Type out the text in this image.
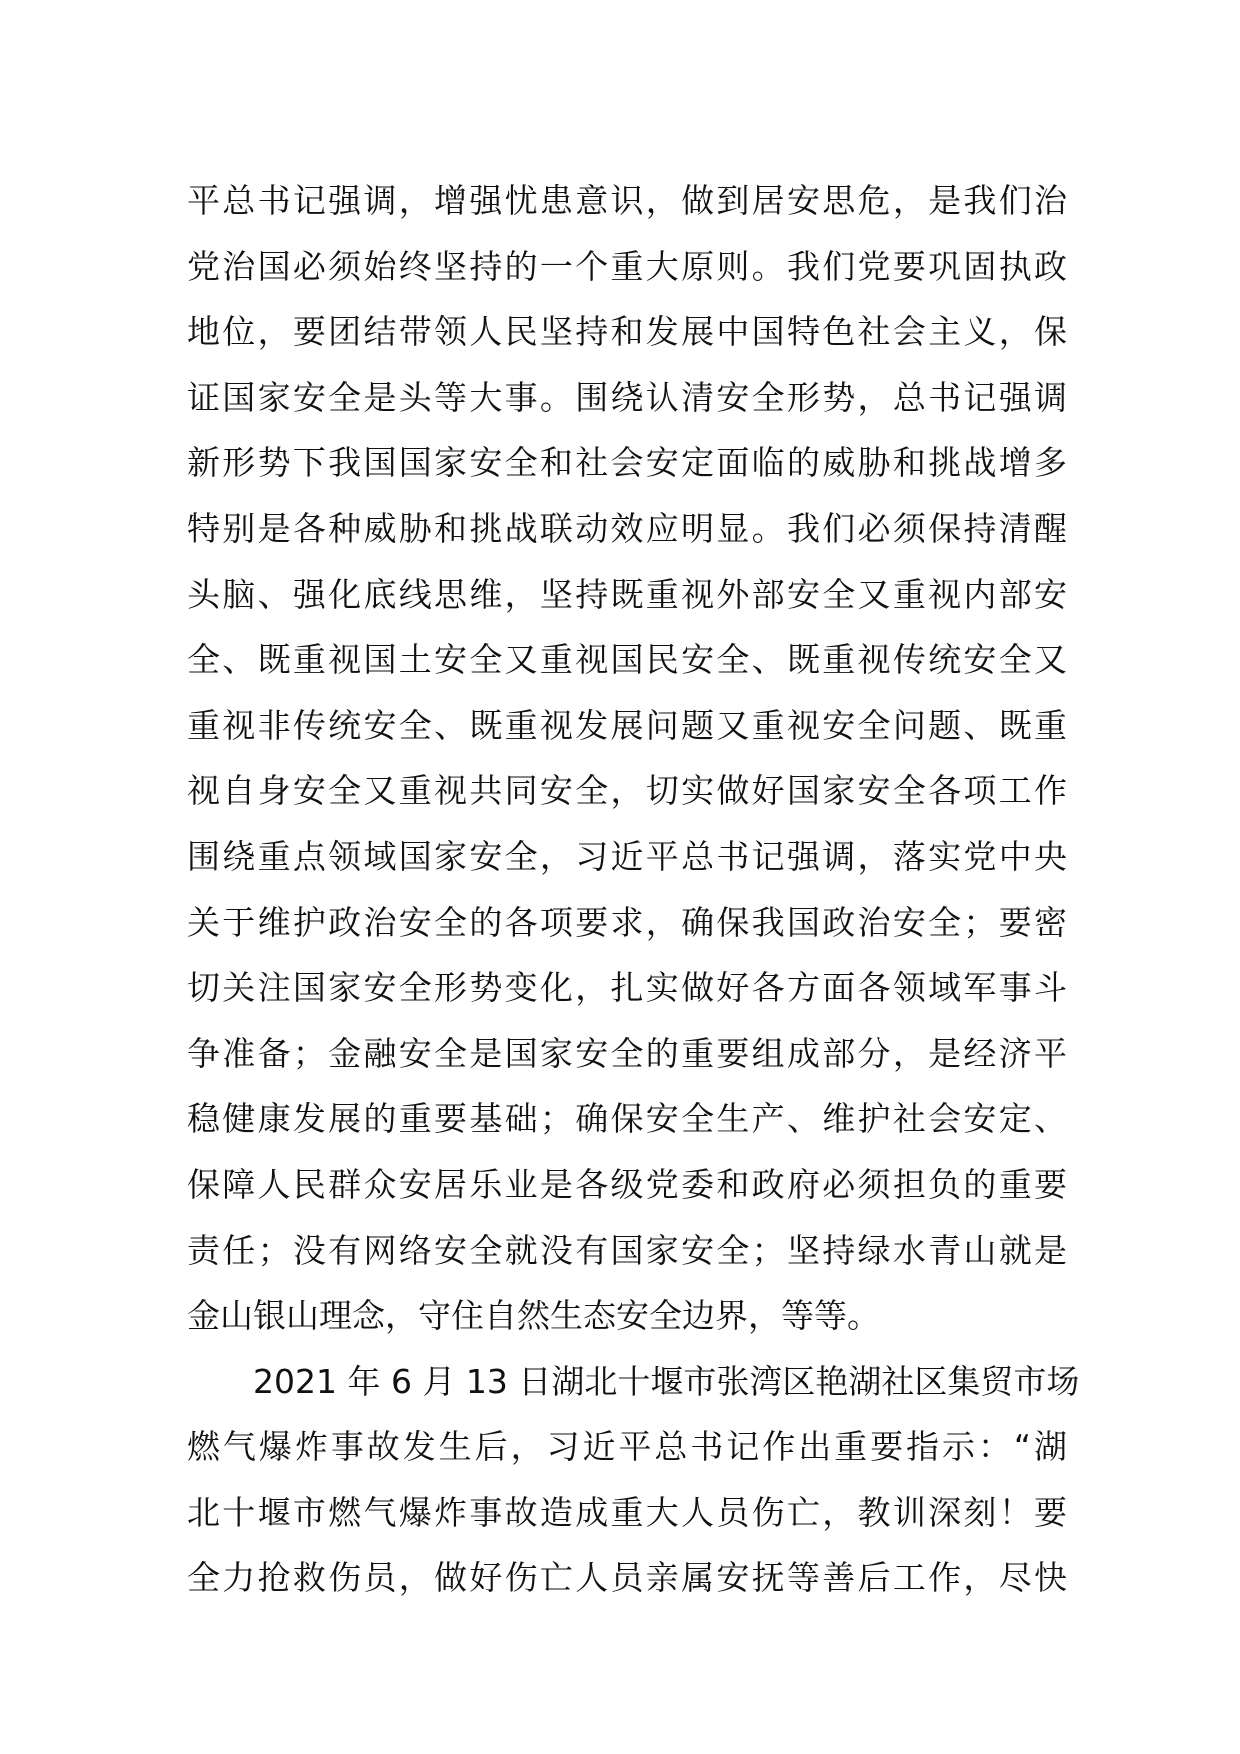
平总书记强调，增强忧患意识，做到居安思危，是我们治
党治国必须始终坚持的一个重大原则。我们党要巩固执政
地位，要团结带领人民坚持和发展中国特色社会主义，保
证国家安全是头等大事。围绕认清安全形势，总书记强调
新形势下我国国家安全和社会安定面临的威胁和挑战增多
特别是各种威胁和挑战联动效应明显。我们必须保持清醒
头脑、强化底线思维，坚持既重视外部安全又重视内部安
全、既重视国土安全又重视国民安全、既重视传统安全又
重视非传统安全、既重视发展问题又重视安全问题、既重
视自身安全又重视共同安全，切实做好国家安全各项工作
围绕重点领域国家安全，习近平总书记强调，落实党中央
关于维护政治安全的各项要求，确保我国政治安全；要密
切关注国家安全形势变化，扎实做好各方面各领域军事斗
争准备；金融安全是国家安全的重要组成部分，是经济平
稳健康发展的重要基础；确保安全生产、维护社会安定、
保障人民群众安居乐业是各级党委和政府必须担负的重要
责任；没有网络安全就没有国家安全；坚持绿水青山就是
金山银山理念，守住自然生态安全边界，等等。
2021 年 6 月 13 日湖北十堰市张湾区艳湖社区集贸市场
燃气爆炸事故发生后，习近平总书记作出重要指示：“湖
北十堰市燃气爆炸事故造成重大人员伤亡，教训深刻！要
全力抢救伤员，做好伤亡人员亲属安抚等善后工作，尽快
